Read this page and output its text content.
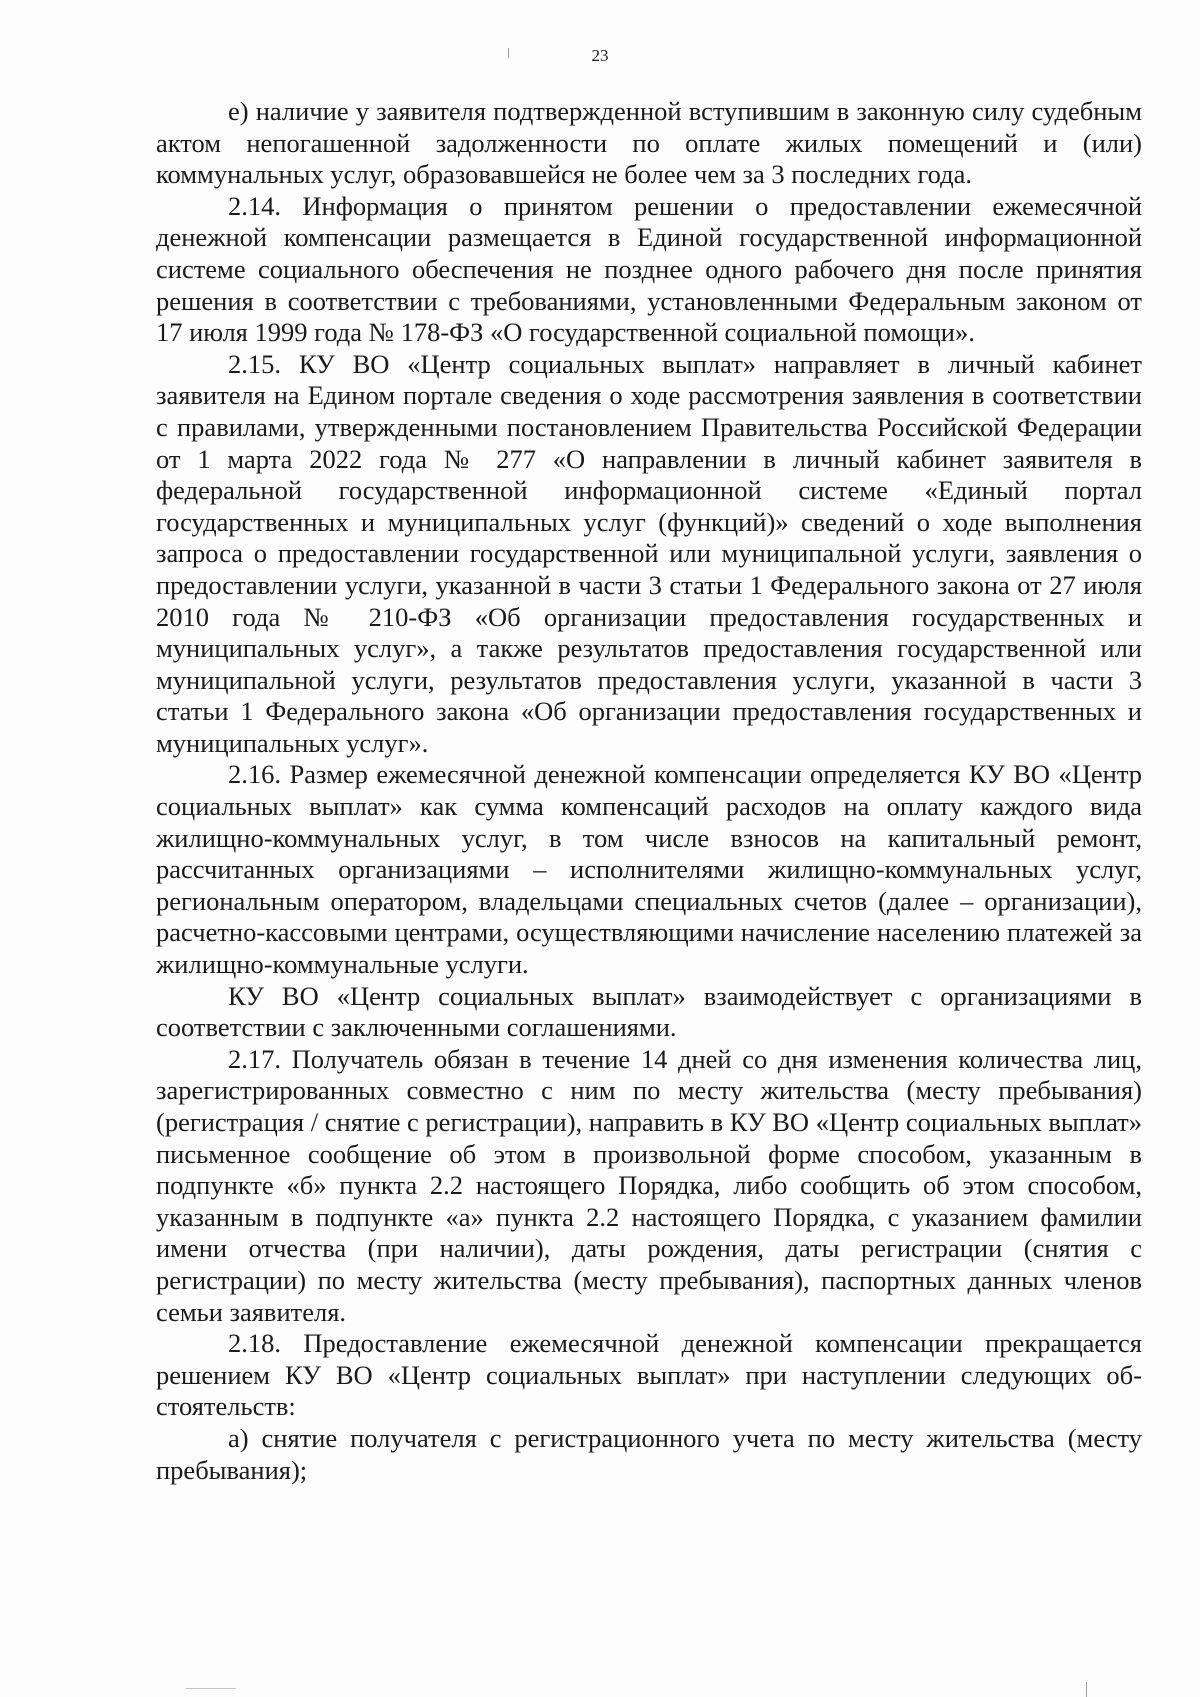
23

е) наличие у заявителя подтвержденной вступившим в законную силу судебным актом непогашенной задолженности по оплате жилых помещений и (или) коммунальных услуг, образовавшейся не более чем за 3 последних года.

2.14. Информация о принятом решении о предоставлении ежемесячной денежной компенсации размещается в Единой государственной информационной системе социального обеспечения не позднее одного рабочего дня после принятия решения в соответствии с требованиями, установленными Федеральным законом от 17 июля 1999 года № 178-ФЗ «О государственной социальной помощи».

2.15. КУ ВО «Центр социальных выплат» направляет в личный кабинет заявителя на Едином портале сведения о ходе рассмотрения заявления в соответствии с правилами, утвержденными постановлением Правительства Российской Федерации от 1 марта 2022 года № 277 «О направлении в личный кабинет заявителя в федеральной государственной информационной системе «Единый портал государственных и муниципальных услуг (функций)» сведений о ходе выполнения запроса о предоставлении государственной или муниципальной услуги, заявления о предоставлении услуги, указанной в части 3 статьи 1 Федерального закона от 27 июля 2010 года № 210-ФЗ «Об организации предоставления государственных и муниципальных услуг», а также результатов предоставления государственной или муниципальной услуги, результатов предоставления услуги, указанной в части 3 статьи 1 Федерального закона «Об организации предоставления государственных и муниципальных услуг».

2.16. Размер ежемесячной денежной компенсации определяется КУ ВО «Центр социальных выплат» как сумма компенсаций расходов на оплату каждого вида жилищно-коммунальных услуг, в том числе взносов на капитальный ремонт, рассчитанных организациями – исполнителями жилищно-коммунальных услуг, региональным оператором, владельцами специальных счетов (далее – организации), расчетно-кассовыми центрами, осуществляющими начисление населению платежей за жилищно-коммунальные услуги.

КУ ВО «Центр социальных выплат» взаимодействует с организациями в соответствии с заключенными соглашениями.

2.17. Получатель обязан в течение 14 дней со дня изменения количества лиц, зарегистрированных совместно с ним по месту жительства (месту пребывания) (регистрация / снятие с регистрации), направить в КУ ВО «Центр социальных выплат» письменное сообщение об этом в произвольной форме способом, указанным в подпункте «б» пункта 2.2 настоящего Порядка, либо сообщить об этом способом, указанным в подпункте «а» пункта 2.2 настоящего Порядка, с указанием фамилии имени отчества (при наличии), даты рождения, даты регистрации (снятия с регистрации) по месту жительства (месту пребывания), паспортных данных членов семьи заявителя.

2.18. Предоставление ежемесячной денежной компенсации прекращается решением КУ ВО «Центр социальных выплат» при наступлении следующих обстоятельств:

а) снятие получателя с регистрационного учета по месту жительства (месту пребывания);
